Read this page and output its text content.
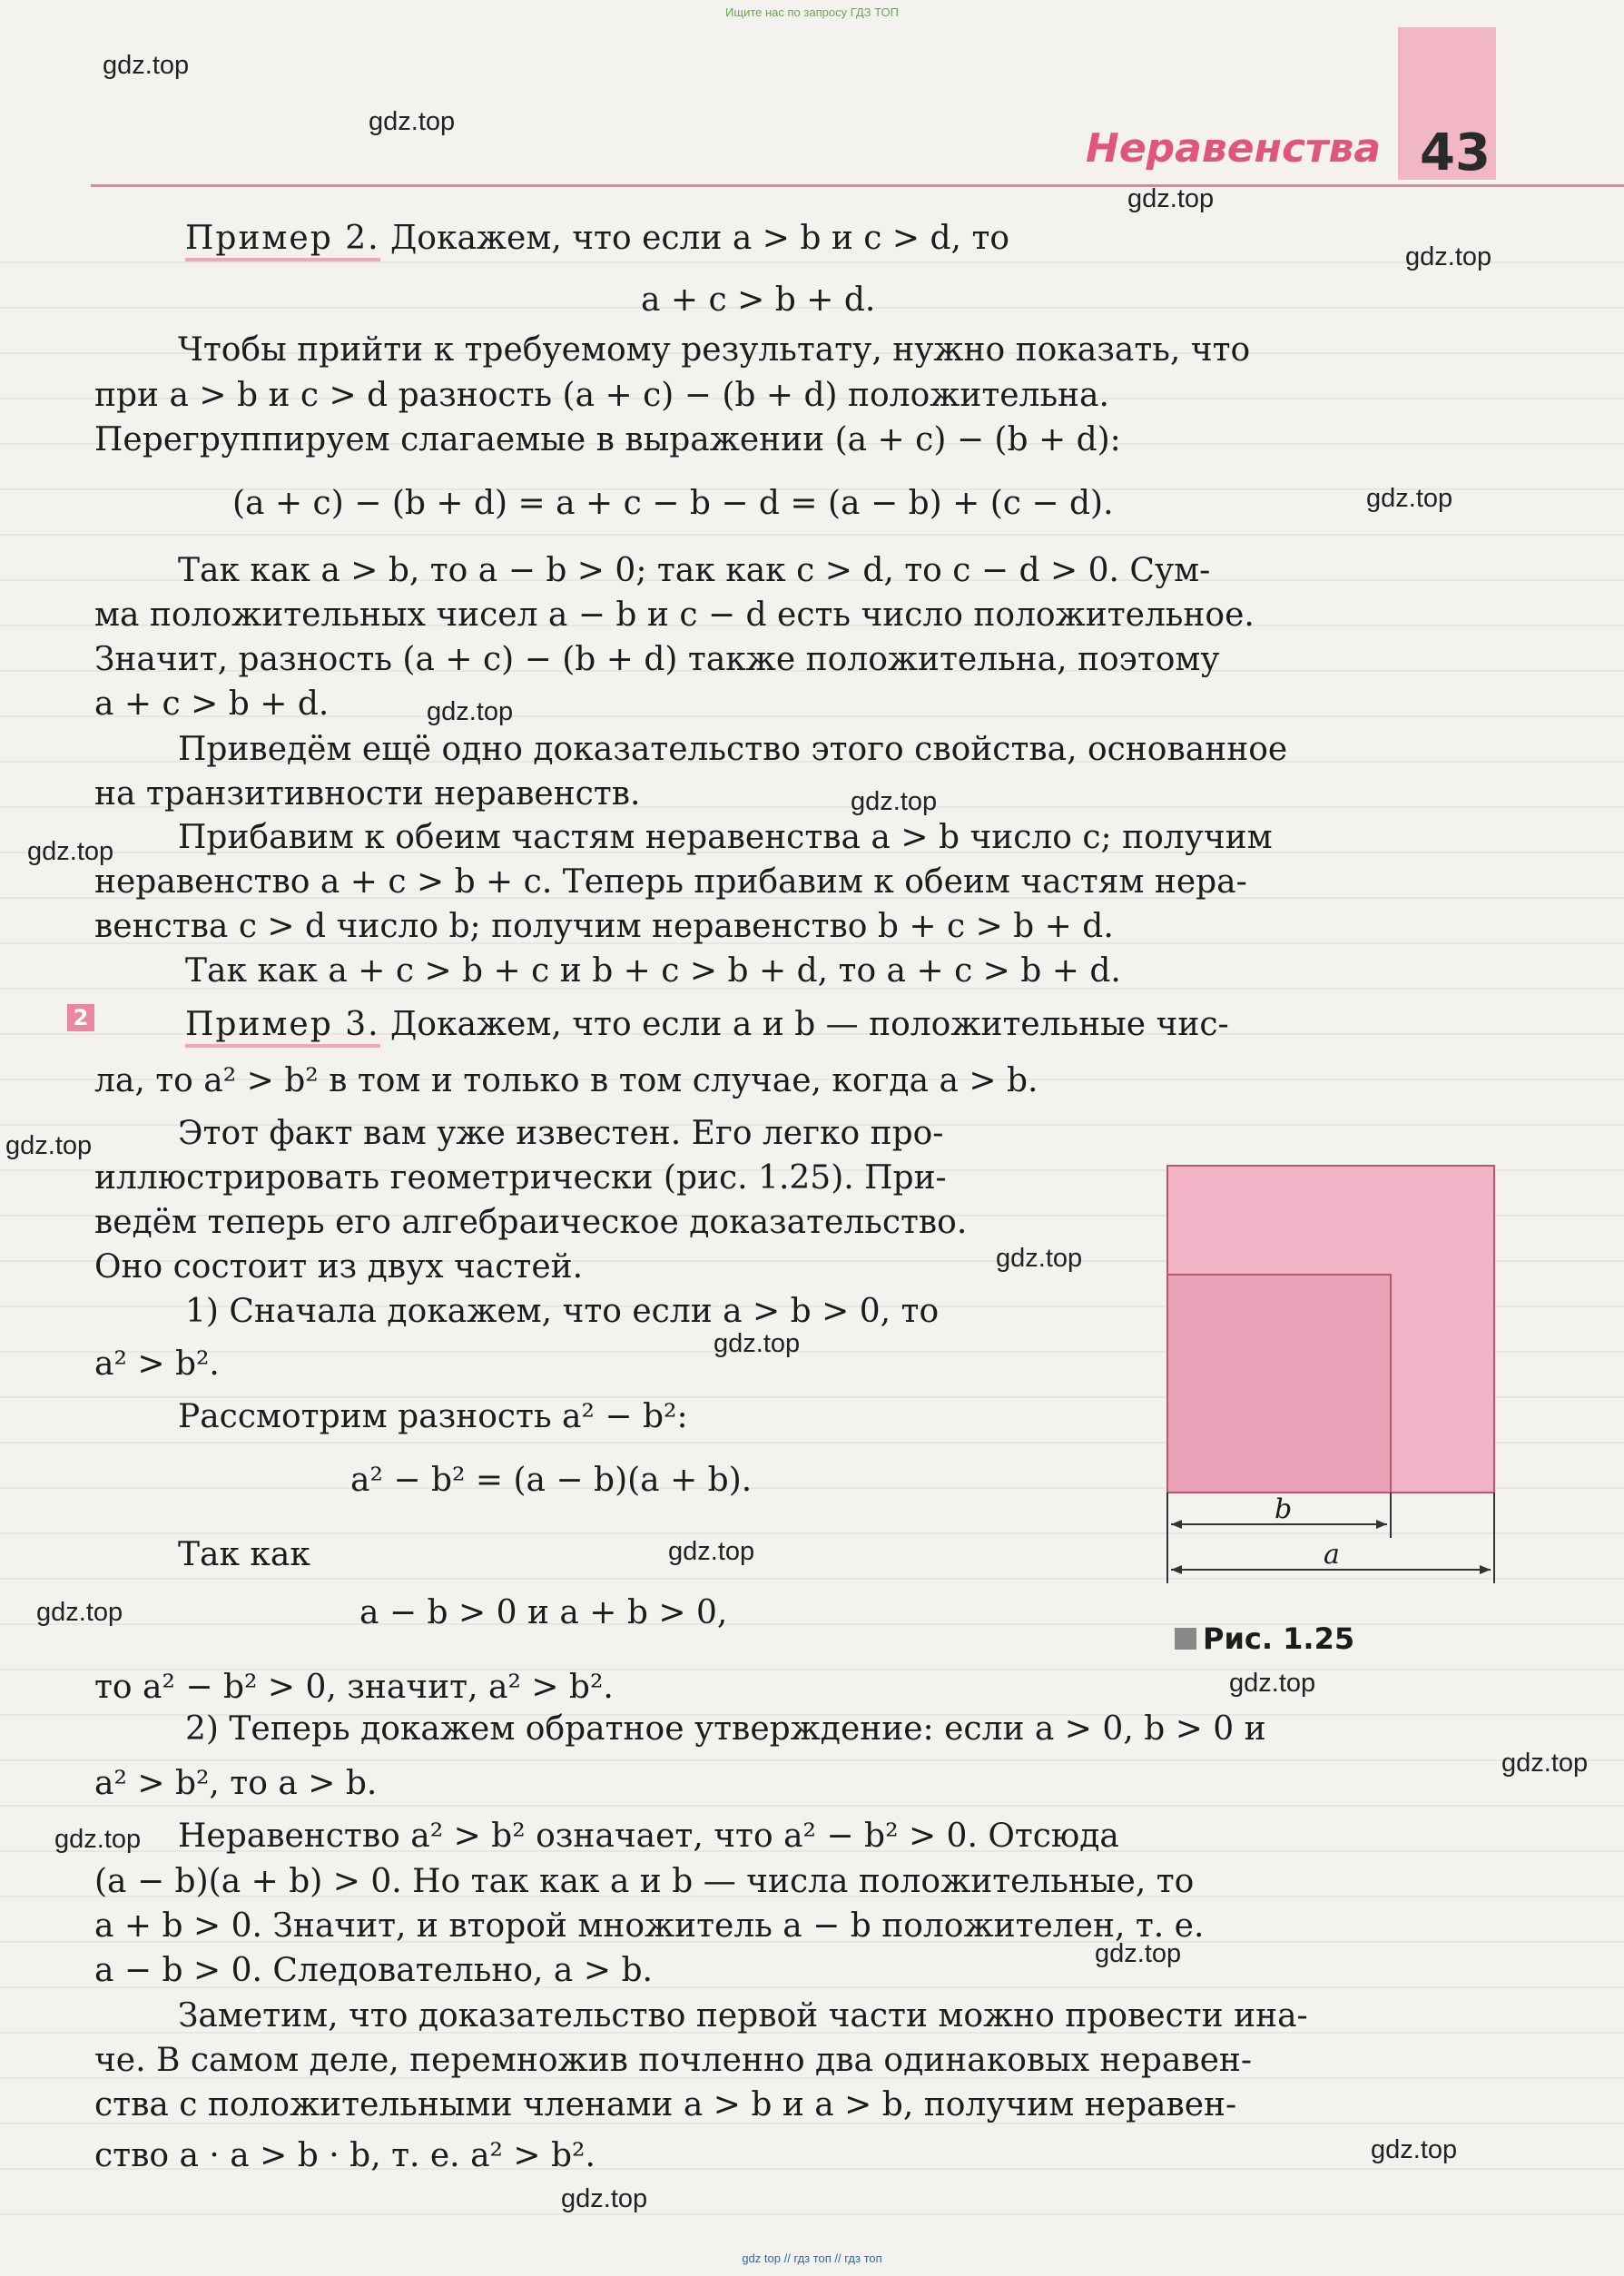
Ищите нас по запросу ГДЗ ТОП
Неравенства 43
gdz.top
gdz.top
gdz.top
gdz.top
gdz.top
gdz.top
gdz.top
gdz.top
gdz.top
gdz.top
gdz.top
gdz.top
gdz.top
gdz.top
gdz.top
gdz.top
gdz.top
gdz.top
gdz.top
Пример 2. Докажем, что если a > b и c > d, то
a + c > b + d.
Чтобы прийти к требуемому результату, нужно показать, что
при a > b и c > d разность (a + c) − (b + d) положительна.
Перегруппируем слагаемые в выражении (a + c) − (b + d):
(a + c) − (b + d) = a + c − b − d = (a − b) + (c − d).
Так как a > b, то a − b > 0; так как c > d, то c − d > 0. Сум-
ма положительных чисел a − b и c − d есть число положительное.
Значит, разность (a + c) − (b + d) также положительна, поэтому
a + c > b + d.
Приведём ещё одно доказательство этого свойства, основанное
на транзитивности неравенств.
Прибавим к обеим частям неравенства a > b число c; получим
неравенство a + c > b + c. Теперь прибавим к обеим частям нера-
венства c > d число b; получим неравенство b + c > b + d.
Так как a + c > b + c и b + c > b + d, то a + c > b + d.
2	Пример 3. Докажем, что если a и b — положительные чис-
ла, то a² > b² в том и только в том случае, когда a > b.
Этот факт вам уже известен. Его легко про-
иллюстрировать геометрически (рис. 1.25). При-
ведём теперь его алгебраическое доказательство.
Оно состоит из двух частей.
1) Сначала докажем, что если a > b > 0, то
a² > b².
Рассмотрим разность a² − b²:
a² − b² = (a − b)(a + b).
Так как
a − b > 0 и a + b > 0,
то a² − b² > 0, значит, a² > b².
2) Теперь докажем обратное утверждение: если a > 0, b > 0 и
a² > b², то a > b.
Неравенство a² > b² означает, что a² − b² > 0. Отсюда
(a − b)(a + b) > 0. Но так как a и b — числа положительные, то
a + b > 0. Значит, и второй множитель a − b положителен, т. е.
a − b > 0. Следовательно, a > b.
Заметим, что доказательство первой части можно провести ина-
че. В самом деле, перемножив почленно два одинаковых неравен-
ства с положительными членами a > b и a > b, получим неравен-
ство a · a > b · b, т. е. a² > b².
b
a
Рис. 1.25
gdz top // гдз топ // гдз топ
